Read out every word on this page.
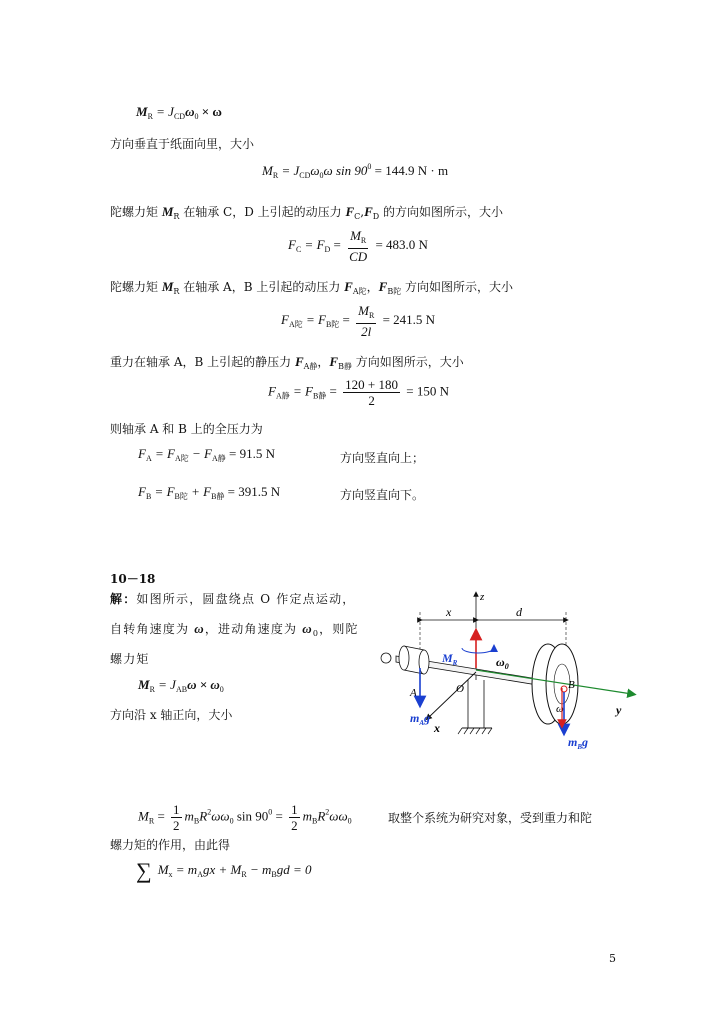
$M_R = J_{CD}\omega_0 \times \omega$
方向垂直于纸面向里，大小
$M_R = J_{CD}\omega_0\omega$ $\sin 90^0 = 144.9$ N · m
陀螺力矩 $M_R$ 在轴承 C，D 上引起的动压力 $F_C,F_D$ 的方向如图所示，大小
$F_C = F_D = \frac{M_R}{CD} = 483.0$ N
陀螺力矩 $M_R$ 在轴承 A，B 上引起的动压力 $F_{A陀}$，$F_{B陀}$ 方向如图所示，大小
$F_{A陀} = F_{B陀} = \frac{M_R}{2l} = 241.5$ N
重力在轴承 A，B 上引起的静压力 $F_{A静}$，$F_{B静}$ 方向如图所示，大小
$F_{A静} = F_{B静} = \frac{120 + 180}{2} = 150$ N
则轴承 A 和 B 上的全压力为
$F_A = F_{A陀} - F_{A静} = 91.5$ N	方向竖直向上；
$F_B = F_{B陀} + F_{B静} = 391.5$ N	方向竖直向下。
10－18
解：如图所示，圆盘绕点 O 作定点运动，
自转角速度为 ω，进动角速度为 $\omega_0$，则陀
螺力矩
$M_R = J_{AB}\omega \times \omega_0$
方向沿 x 轴正向，大小
x	d
z
y
x
$M_R$	$\omega_0$
A	O	B
ω
$m_Ag$
$m_Bg$
$M_R = \frac{1}{2} m_BR^2\omega\omega_0$ $\sin 90^0 = \frac{1}{2} m_BR^2\omega\omega_0$	取整个系统为研究对象，受到重力和陀
螺力矩的作用，由此得
∑ $M_x = m_Agx + M_R - m_Bgd = 0$
5
